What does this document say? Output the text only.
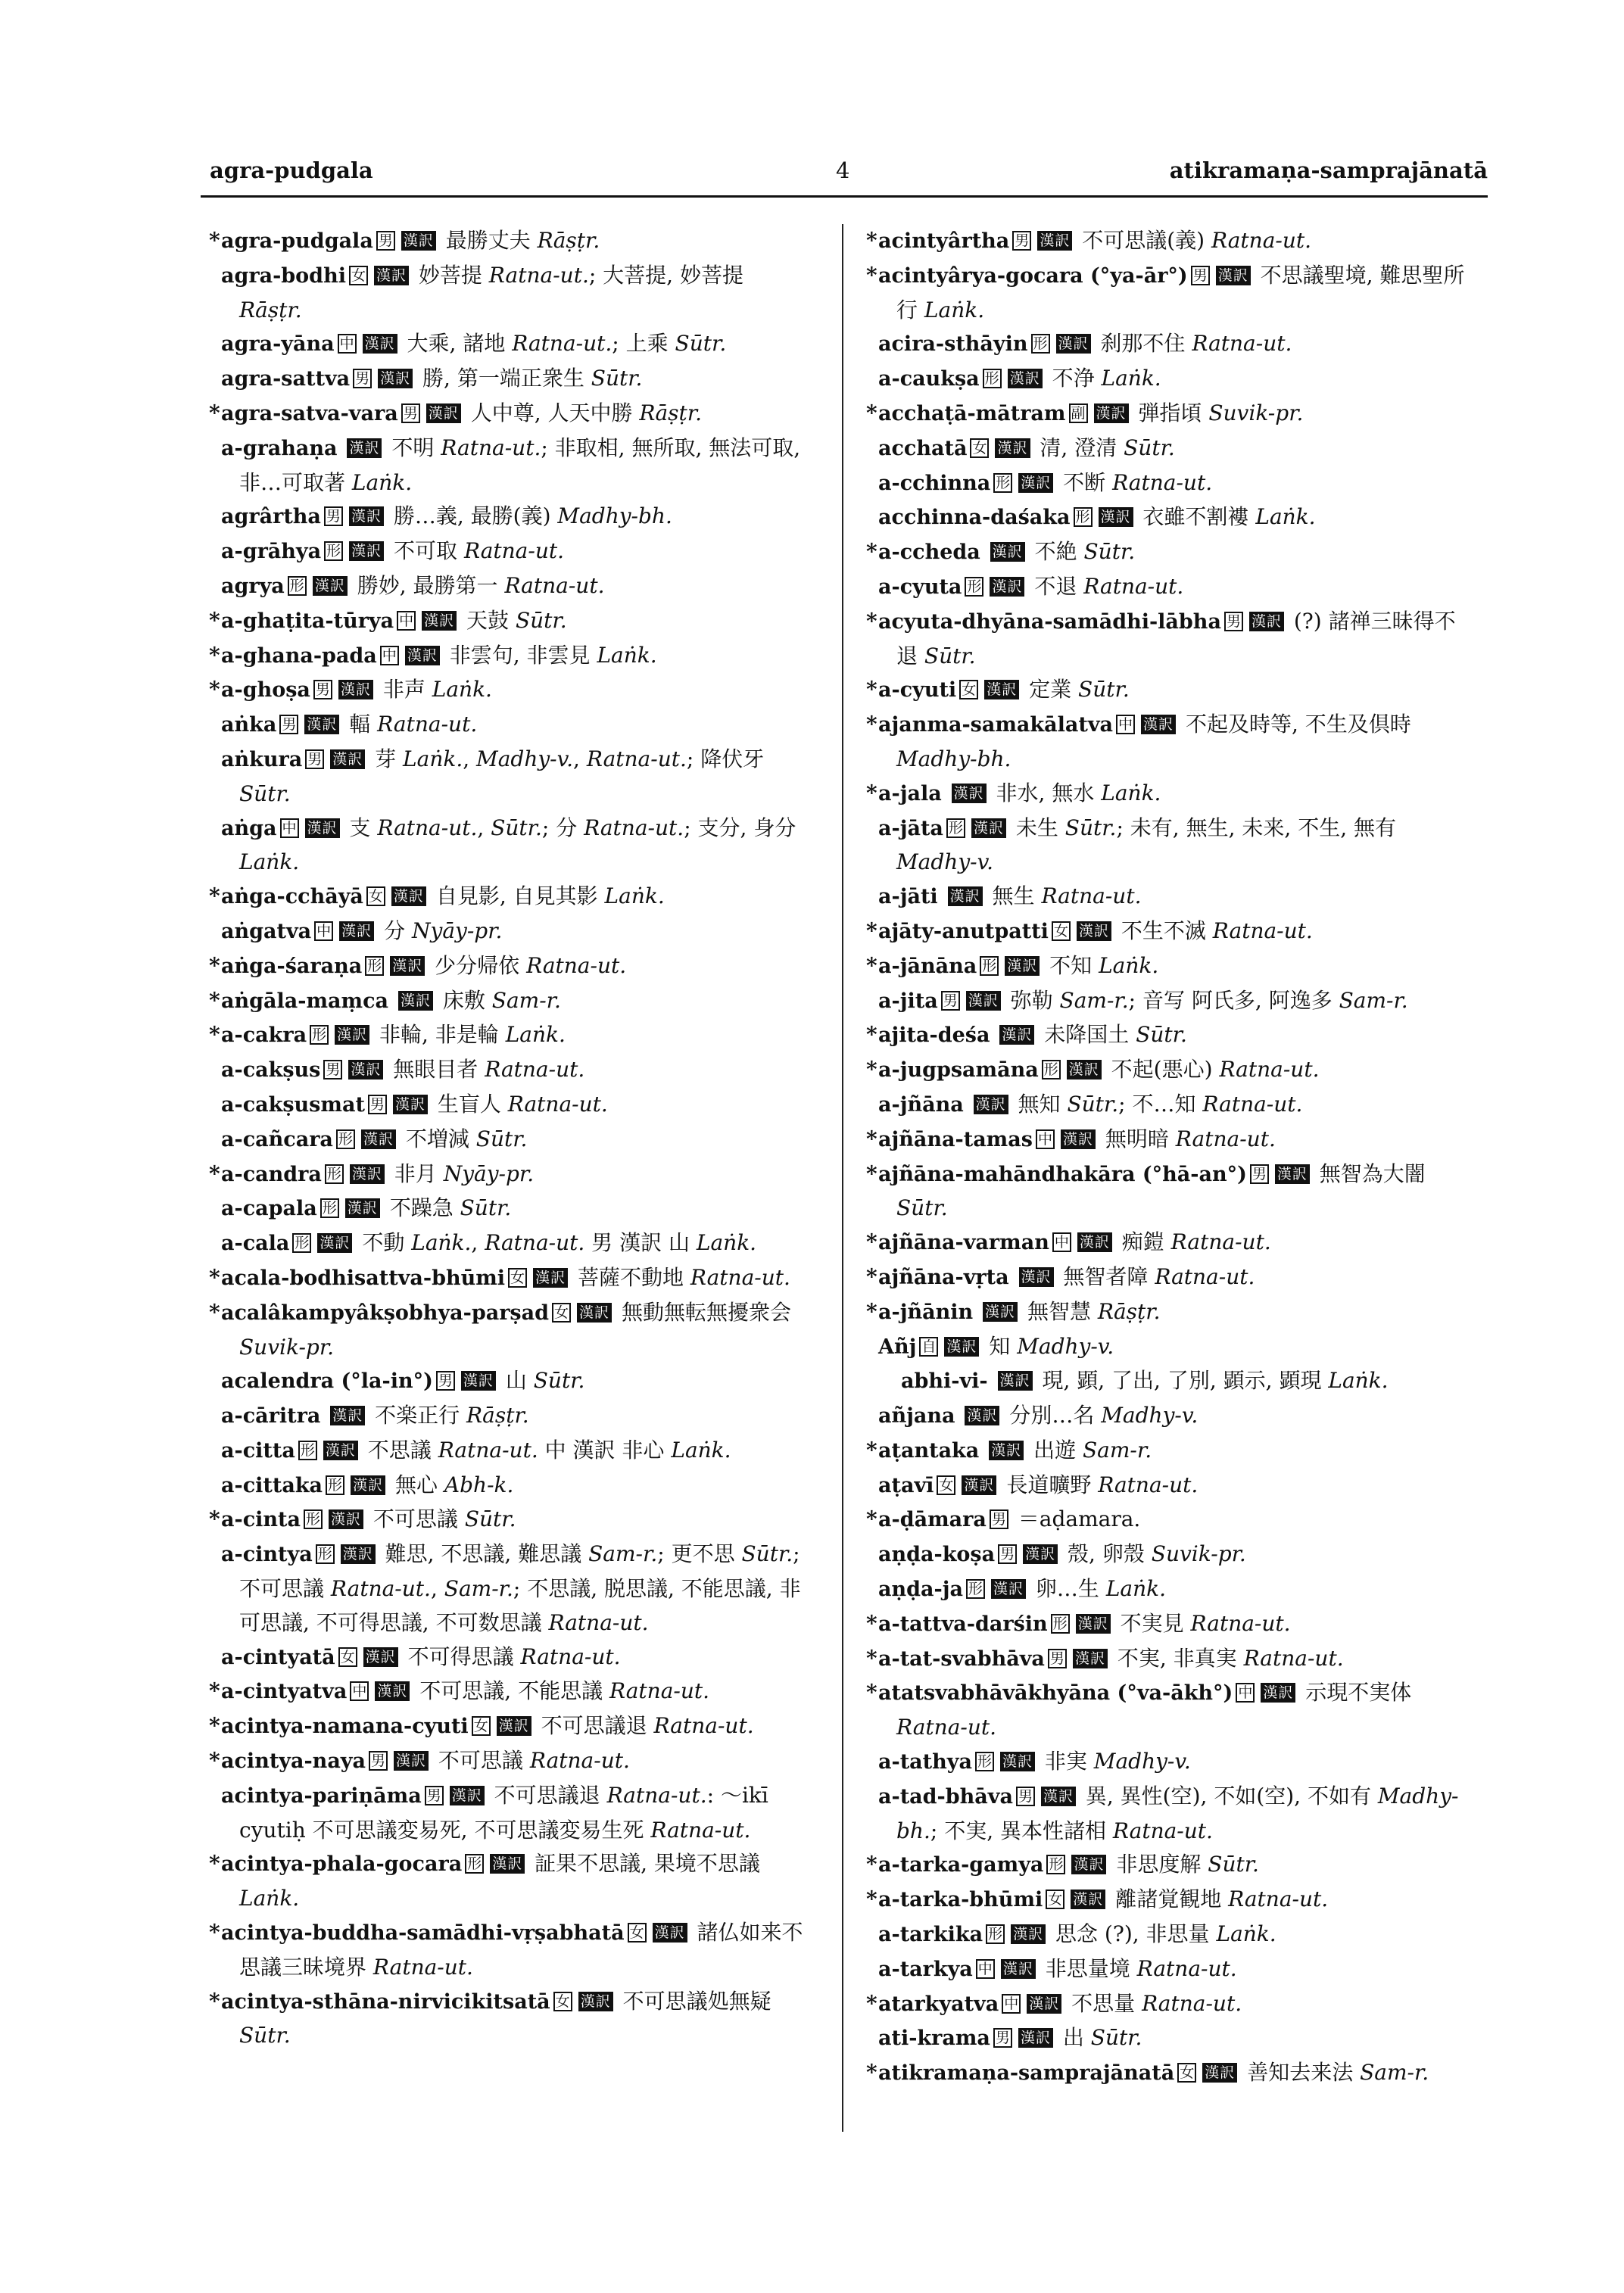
agra-pudgala	4	atikramaṇa-samprajānatā
*agra-pudgala 男 漢訳 最勝丈夫 Rāṣṭr.
agra-bodhi 女 漢訳 妙菩提 Ratna-ut.; 大菩提, 妙菩提 Rāṣṭr.
agra-yāna 中 漢訳 大乘, 諸地 Ratna-ut.; 上乘 Sūtr.
agra-sattva 男 漢訳 勝, 第一端正衆生 Sūtr.
*agra-satva-vara 男 漢訳 人中尊, 人天中勝 Rāṣṭr.
a-grahaṇa 漢訳 不明 Ratna-ut.; 非取相, 無所取, 無法可取, 非…可取著 Laṅk.
agrârtha 男 漢訳 勝…義, 最勝(義) Madhy-bh.
a-grāhya 形 漢訳 不可取 Ratna-ut.
agrya 形 漢訳 勝妙, 最勝第一 Ratna-ut.
*a-ghaṭita-tūrya 中 漢訳 天鼓 Sūtr.
*a-ghana-pada 中 漢訳 非雲句, 非雲見 Laṅk.
*a-ghoṣa 男 漢訳 非声 Laṅk.
aṅka 男 漢訳 輻 Ratna-ut.
aṅkura 男 漢訳 芽 Laṅk., Madhy-v., Ratna-ut.; 降伏牙 Sūtr.
aṅga 中 漢訳 支 Ratna-ut., Sūtr.; 分 Ratna-ut.; 支分, 身分 Laṅk.
*aṅga-cchāyā 女 漢訳 自見影, 自見其影 Laṅk.
aṅgatva 中 漢訳 分 Nyāy-pr.
*aṅga-śaraṇa 形 漢訳 少分帰依 Ratna-ut.
*aṅgāla-maṃca 漢訳 床敷 Sam-r.
*a-cakra 形 漢訳 非輪, 非是輪 Laṅk.
a-cakṣus 男 漢訳 無眼目者 Ratna-ut.
a-cakṣusmat 男 漢訳 生盲人 Ratna-ut.
a-cañcara 形 漢訳 不増減 Sūtr.
*a-candra 形 漢訳 非月 Nyāy-pr.
a-capala 形 漢訳 不躁急 Sūtr.
a-cala 形 漢訳 不動 Laṅk., Ratna-ut. 男 漢訳 山 Laṅk.
*acala-bodhisattva-bhūmi 女 漢訳 菩薩不動地 Ratna-ut.
*acalâkampyâkṣobhya-parṣad 女 漢訳 無動無転無擾衆会 Suvik-pr.
acalendra (°la-in°) 男 漢訳 山 Sūtr.
a-cāritra 漢訳 不楽正行 Rāṣṭr.
a-citta 形 漢訳 不思議 Ratna-ut. 中 漢訳 非心 Laṅk.
a-cittaka 形 漢訳 無心 Abh-k.
*a-cinta 形 漢訳 不可思議 Sūtr.
a-cintya 形 漢訳 難思, 不思議, 難思議 Sam-r.; 更不思 Sūtr.; 不可思議 Ratna-ut., Sam-r.; 不思議, 脱思議, 不能思議, 非可思議, 不可得思議, 不可数思議 Ratna-ut.
a-cintyatā 女 漢訳 不可得思議 Ratna-ut.
*a-cintyatva 中 漢訳 不可思議, 不能思議 Ratna-ut.
*acintya-namana-cyuti 女 漢訳 不可思議退 Ratna-ut.
*acintya-naya 男 漢訳 不可思議 Ratna-ut.
acintya-pariṇāma 男 漢訳 不可思議退 Ratna-ut.: ～ikī cyutiḥ 不可思議変易死, 不可思議変易生死 Ratna-ut.
*acintya-phala-gocara 形 漢訳 証果不思議, 果境不思議 Laṅk.
*acintya-buddha-samādhi-vṛṣabhatā 女 漢訳 諸仏如来不思議三昧境界 Ratna-ut.
*acintya-sthāna-nirvicikitsatā 女 漢訳 不可思議処無疑 Sūtr.
*acintyârtha 男 漢訳 不可思議(義) Ratna-ut.
*acintyârya-gocara (°ya-ār°) 男 漢訳 不思議聖境, 難思聖所行 Laṅk.
acira-sthāyin 形 漢訳 刹那不住 Ratna-ut.
a-caukṣa 形 漢訳 不浄 Laṅk.
*acchaṭā-mātram 副 漢訳 弾指頃 Suvik-pr.
acchatā 女 漢訳 清, 澄清 Sūtr.
a-cchinna 形 漢訳 不断 Ratna-ut.
acchinna-daśaka 形 漢訳 衣雖不割褸 Laṅk.
*a-ccheda 漢訳 不絶 Sūtr.
a-cyuta 形 漢訳 不退 Ratna-ut.
*acyuta-dhyāna-samādhi-lābha 男 漢訳 (?) 諸禅三昧得不退 Sūtr.
*a-cyuti 女 漢訳 定業 Sūtr.
*ajanma-samakālatva 中 漢訳 不起及時等, 不生及倶時 Madhy-bh.
*a-jala 漢訳 非水, 無水 Laṅk.
a-jāta 形 漢訳 未生 Sūtr.; 未有, 無生, 未来, 不生, 無有 Madhy-v.
a-jāti 漢訳 無生 Ratna-ut.
*ajāty-anutpatti 女 漢訳 不生不滅 Ratna-ut.
*a-jānāna 形 漢訳 不知 Laṅk.
a-jita 男 漢訳 弥勒 Sam-r.; 音写 阿氏多, 阿逸多 Sam-r.
*ajita-deśa 漢訳 未降国土 Sūtr.
*a-jugpsamāna 形 漢訳 不起(悪心) Ratna-ut.
a-jñāna 漢訳 無知 Sūtr.; 不…知 Ratna-ut.
*ajñāna-tamas 中 漢訳 無明暗 Ratna-ut.
*ajñāna-mahāndhakāra (°hā-an°) 男 漢訳 無智為大闇 Sūtr.
*ajñāna-varman 中 漢訳 痴鎧 Ratna-ut.
*ajñāna-vṛta 漢訳 無智者障 Ratna-ut.
*a-jñānin 漢訳 無智慧 Rāṣṭr.
Añj 自 漢訳 知 Madhy-v.
abhi-vi- 漢訳 現, 顕, 了出, 了別, 顕示, 顕現 Laṅk.
añjana 漢訳 分別…名 Madhy-v.
*aṭantaka 漢訳 出遊 Sam-r.
aṭavī 女 漢訳 長道曠野 Ratna-ut.
*a-ḍāmara 男 ＝aḍamara.
aṇḍa-koṣa 男 漢訳 殼, 卵殼 Suvik-pr.
aṇḍa-ja 形 漢訳 卵…生 Laṅk.
*a-tattva-darśin 形 漢訳 不実見 Ratna-ut.
*a-tat-svabhāva 男 漢訳 不実, 非真実 Ratna-ut.
*atatsvabhāvākhyāna (°va-ākh°) 中 漢訳 示現不実体 Ratna-ut.
a-tathya 形 漢訳 非実 Madhy-v.
a-tad-bhāva 男 漢訳 異, 異性(空), 不如(空), 不如有 Madhy-bh.; 不実, 異本性諸相 Ratna-ut.
*a-tarka-gamya 形 漢訳 非思度解 Sūtr.
*a-tarka-bhūmi 女 漢訳 離諸覚観地 Ratna-ut.
a-tarkika 形 漢訳 思念 (?), 非思量 Laṅk.
a-tarkya 中 漢訳 非思量境 Ratna-ut.
*atarkyatva 中 漢訳 不思量 Ratna-ut.
ati-krama 男 漢訳 出 Sūtr.
*atikramaṇa-samprajānatā 女 漢訳 善知去来法 Sam-r.
